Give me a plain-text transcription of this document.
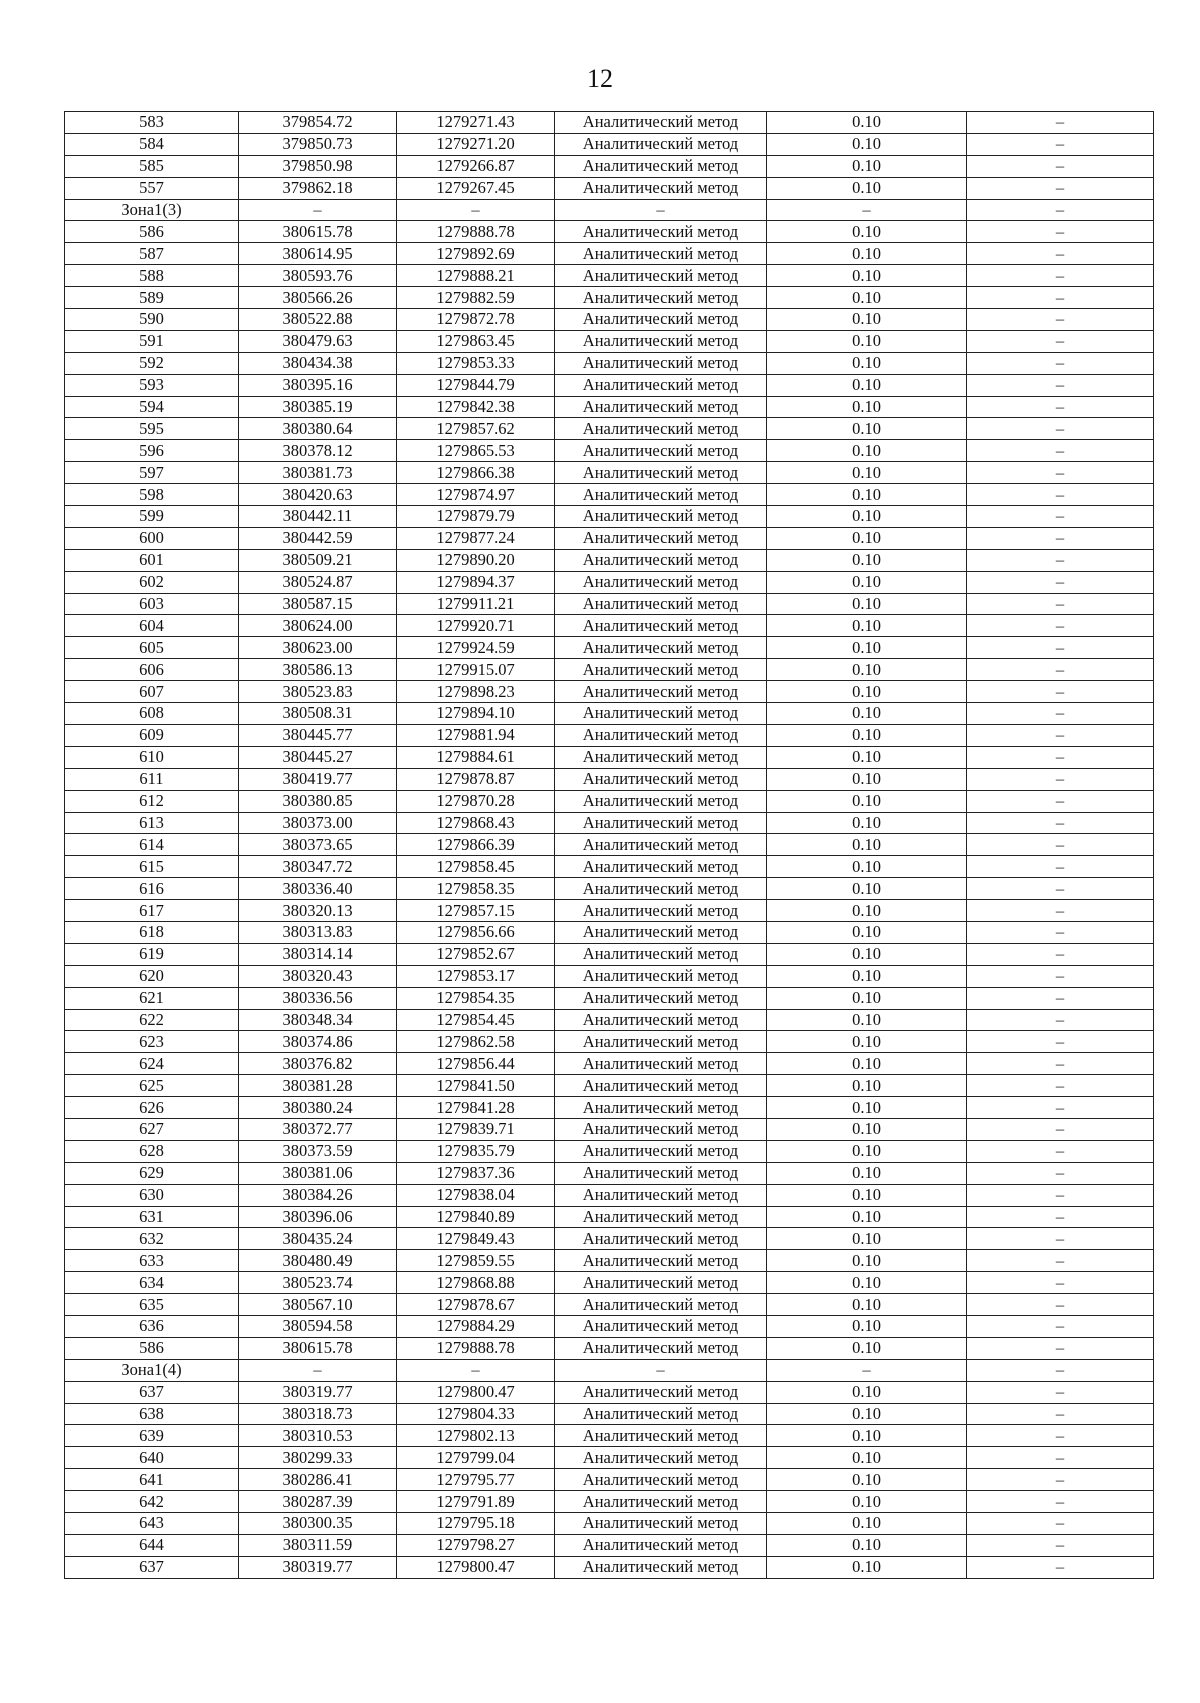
12
583	379854.72	1279271.43	Аналитический метод	0.10	–
584	379850.73	1279271.20	Аналитический метод	0.10	–
585	379850.98	1279266.87	Аналитический метод	0.10	–
557	379862.18	1279267.45	Аналитический метод	0.10	–
Зона1(3)	–	–	–	–	–
586	380615.78	1279888.78	Аналитический метод	0.10	–
587	380614.95	1279892.69	Аналитический метод	0.10	–
588	380593.76	1279888.21	Аналитический метод	0.10	–
589	380566.26	1279882.59	Аналитический метод	0.10	–
590	380522.88	1279872.78	Аналитический метод	0.10	–
591	380479.63	1279863.45	Аналитический метод	0.10	–
592	380434.38	1279853.33	Аналитический метод	0.10	–
593	380395.16	1279844.79	Аналитический метод	0.10	–
594	380385.19	1279842.38	Аналитический метод	0.10	–
595	380380.64	1279857.62	Аналитический метод	0.10	–
596	380378.12	1279865.53	Аналитический метод	0.10	–
597	380381.73	1279866.38	Аналитический метод	0.10	–
598	380420.63	1279874.97	Аналитический метод	0.10	–
599	380442.11	1279879.79	Аналитический метод	0.10	–
600	380442.59	1279877.24	Аналитический метод	0.10	–
601	380509.21	1279890.20	Аналитический метод	0.10	–
602	380524.87	1279894.37	Аналитический метод	0.10	–
603	380587.15	1279911.21	Аналитический метод	0.10	–
604	380624.00	1279920.71	Аналитический метод	0.10	–
605	380623.00	1279924.59	Аналитический метод	0.10	–
606	380586.13	1279915.07	Аналитический метод	0.10	–
607	380523.83	1279898.23	Аналитический метод	0.10	–
608	380508.31	1279894.10	Аналитический метод	0.10	–
609	380445.77	1279881.94	Аналитический метод	0.10	–
610	380445.27	1279884.61	Аналитический метод	0.10	–
611	380419.77	1279878.87	Аналитический метод	0.10	–
612	380380.85	1279870.28	Аналитический метод	0.10	–
613	380373.00	1279868.43	Аналитический метод	0.10	–
614	380373.65	1279866.39	Аналитический метод	0.10	–
615	380347.72	1279858.45	Аналитический метод	0.10	–
616	380336.40	1279858.35	Аналитический метод	0.10	–
617	380320.13	1279857.15	Аналитический метод	0.10	–
618	380313.83	1279856.66	Аналитический метод	0.10	–
619	380314.14	1279852.67	Аналитический метод	0.10	–
620	380320.43	1279853.17	Аналитический метод	0.10	–
621	380336.56	1279854.35	Аналитический метод	0.10	–
622	380348.34	1279854.45	Аналитический метод	0.10	–
623	380374.86	1279862.58	Аналитический метод	0.10	–
624	380376.82	1279856.44	Аналитический метод	0.10	–
625	380381.28	1279841.50	Аналитический метод	0.10	–
626	380380.24	1279841.28	Аналитический метод	0.10	–
627	380372.77	1279839.71	Аналитический метод	0.10	–
628	380373.59	1279835.79	Аналитический метод	0.10	–
629	380381.06	1279837.36	Аналитический метод	0.10	–
630	380384.26	1279838.04	Аналитический метод	0.10	–
631	380396.06	1279840.89	Аналитический метод	0.10	–
632	380435.24	1279849.43	Аналитический метод	0.10	–
633	380480.49	1279859.55	Аналитический метод	0.10	–
634	380523.74	1279868.88	Аналитический метод	0.10	–
635	380567.10	1279878.67	Аналитический метод	0.10	–
636	380594.58	1279884.29	Аналитический метод	0.10	–
586	380615.78	1279888.78	Аналитический метод	0.10	–
Зона1(4)	–	–	–	–	–
637	380319.77	1279800.47	Аналитический метод	0.10	–
638	380318.73	1279804.33	Аналитический метод	0.10	–
639	380310.53	1279802.13	Аналитический метод	0.10	–
640	380299.33	1279799.04	Аналитический метод	0.10	–
641	380286.41	1279795.77	Аналитический метод	0.10	–
642	380287.39	1279791.89	Аналитический метод	0.10	–
643	380300.35	1279795.18	Аналитический метод	0.10	–
644	380311.59	1279798.27	Аналитический метод	0.10	–
637	380319.77	1279800.47	Аналитический метод	0.10	–
